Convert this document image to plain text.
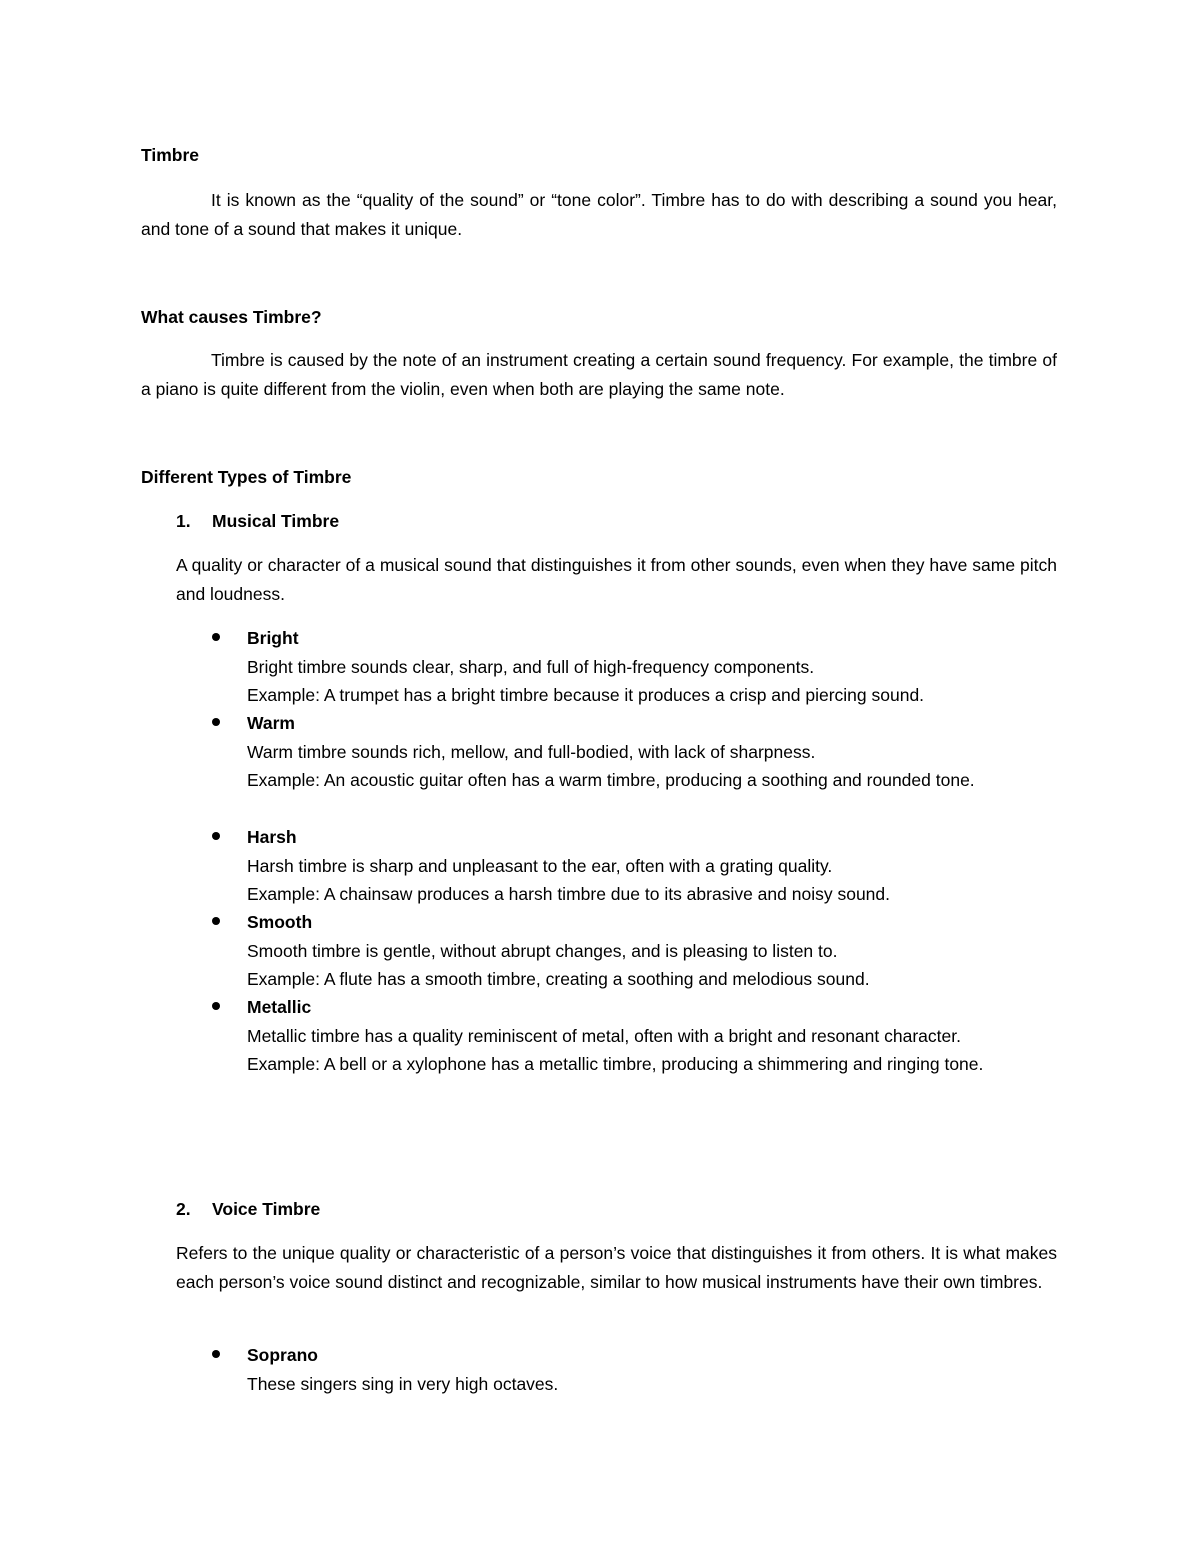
Timbre
It is known as the “quality of the sound” or “tone color”. Timbre has to do with describing a sound you hear, and tone of a sound that makes it unique.
What causes Timbre?
Timbre is caused by the note of an instrument creating a certain sound frequency. For example, the timbre of a piano is quite different from the violin, even when both are playing the same note.
Different Types of Timbre
1. Musical Timbre
A quality or character of a musical sound that distinguishes it from other sounds, even when they have same pitch and loudness.
Bright
Bright timbre sounds clear, sharp, and full of high-frequency components.
Example: A trumpet has a bright timbre because it produces a crisp and piercing sound.
Warm
Warm timbre sounds rich, mellow, and full-bodied, with lack of sharpness.
Example: An acoustic guitar often has a warm timbre, producing a soothing and rounded tone.
Harsh
Harsh timbre is sharp and unpleasant to the ear, often with a grating quality.
Example: A chainsaw produces a harsh timbre due to its abrasive and noisy sound.
Smooth
Smooth timbre is gentle, without abrupt changes, and is pleasing to listen to.
Example: A flute has a smooth timbre, creating a soothing and melodious sound.
Metallic
Metallic timbre has a quality reminiscent of metal, often with a bright and resonant character.
Example: A bell or a xylophone has a metallic timbre, producing a shimmering and ringing tone.
2. Voice Timbre
Refers to the unique quality or characteristic of a person’s voice that distinguishes it from others. It is what makes each person’s voice sound distinct and recognizable, similar to how musical instruments have their own timbres.
Soprano
These singers sing in very high octaves.
